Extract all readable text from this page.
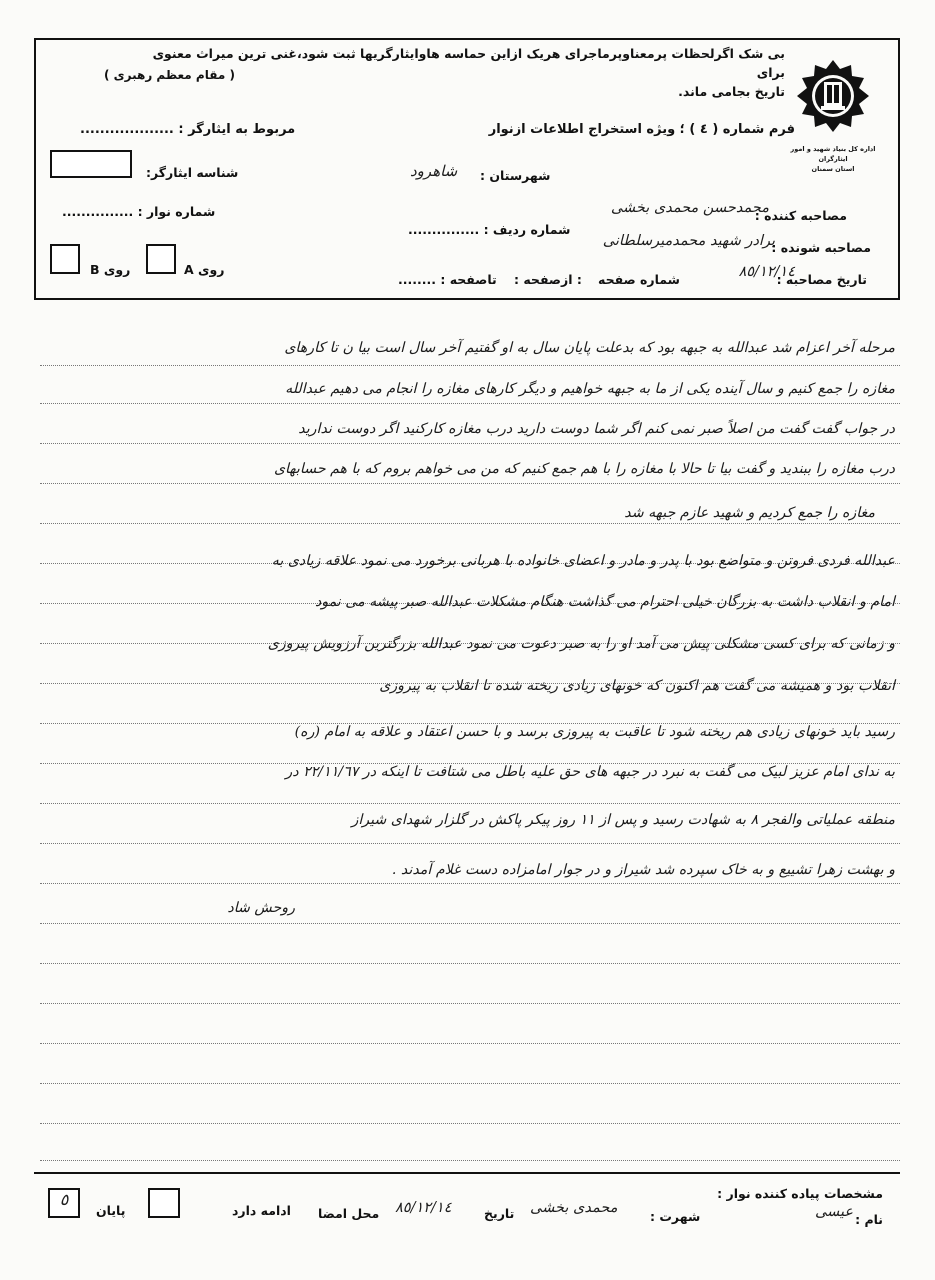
بی شک اگرلحظات پرمعناوپرماجرای هریک ازاین حماسه هاوایثارگریها ثبت شود،غنی ترین میراث معنوی برای
تاریخ بجامی ماند.
( مقام معظم رهبری )
اداره کل بنیاد شهید و امور ایثارگران
استان سمنان
فرم شماره ( ٤ ) ؛ ویژه استخراج اطلاعات ازنوار
مربوط به ایثارگر : ...................
شناسه ایثارگر:	شهرستان :
شاهرود
شماره نوار : ...............	مصاحبه کننده :
محمدحسن محمدی بخشی
شماره ردیف : ...............
مصاحبه شونده :
برادر شهید محمدمیرسلطانی
روی B	روی A
تاریخ مصاحبه :
٨٥/١٢/١٤
شماره صفحه
: ازصفحه :
تاصفحه : ........
مرحله آخر اعزام شد عبدالله به جبهه بود که بدعلت پایان سال به او گفتیم آخر سال است بیا ن تا کارهای
مغازه را جمع کنیم و سال آینده یکی از ما به جبهه خواهیم و دیگر کارهای مغازه را انجام می دهیم عبدالله
در جواب گفت گفت من اصلاً صبر نمی کنم اگر شما دوست دارید درب مغازه کارکنید اگر دوست ندارید
درب مغازه را ببندید و گفت بیا تا حالا با مغازه را با هم جمع کنیم که من می خواهم بروم که با هم حسابهای
مغازه را جمع کردیم و شهید عازم جبهه شد
عبدالله فردی فروتن و متواضع بود با پدر و مادر و اعضای خانواده با هربانی برخورد می نمود علاقه زیادی به
امام و انقلاب داشت به بزرگان خیلی احترام می گذاشت هنگام مشکلات عبدالله صبر پیشه می نمود
و زمانی که برای کسی مشکلی پیش می آمد او را به صبر دعوت می نمود عبدالله بزرگترین آرزویش پیروزی
انقلاب بود و همیشه می گفت هم اکنون که خونهای زیادی ریخته شده تا انقلاب به پیروزی
رسید باید خونهای زیادی هم ریخته شود تا عاقبت به پیروزی برسد و با حسن اعتقاد و علاقه به امام (ره)
به ندای امام عزیز لبیک می گفت به نبرد در جبهه های حق علیه باطل می شتافت تا اینکه در ٢٢/١١/٦٧ در
منطقه عملیاتی والفجر ٨ به شهادت رسید و پس از ١١ روز پیکر پاکش در گلزار شهدای شیراز
و بهشت زهرا تشییع و به خاک سپرده شد شیراز و در جوار امامزاده دست غلام آمدند .
روحش شاد
مشخصات پیاده کننده نوار :
نام :
عیسی
شهرت :
محمدی بخشی
تاریخ
٨٥/١٢/١٤
محل امضا
ادامه دارد
پایان
٥
